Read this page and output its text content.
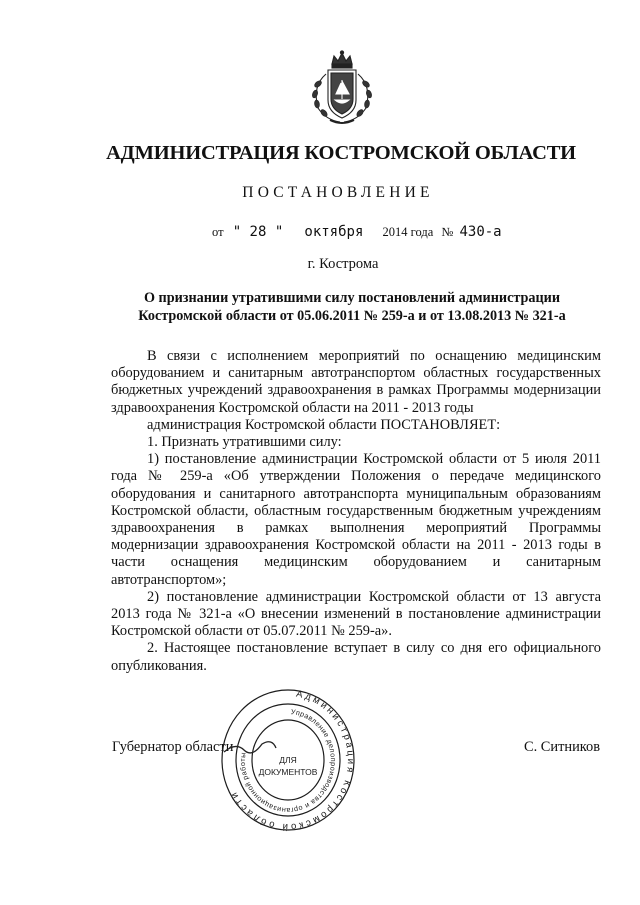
АДМИНИСТРАЦИЯ КОСТРОМСКОЙ ОБЛАСТИ
ПОСТАНОВЛЕНИЕ
от " 28 " октября 2014 года № 430-а
г. Кострома
О признании утратившими силу постановлений администрации
Костромской области от 05.06.2011 № 259-а и от 13.08.2013 № 321-а

В связи с исполнением мероприятий по оснащению медицинским оборудованием и санитарным автотранспортом областных государственных бюджетных учреждений здравоохранения в рамках Программы модернизации здравоохранения Костромской области на 2011 - 2013 годы

администрация Костромской области ПОСТАНОВЛЯЕТ:

1. Признать утратившими силу:

1) постановление администрации Костромской области от 5 июля 2011 года № 259-а «Об утверждении Положения о передаче медицинского оборудования и санитарного автотранспорта муниципальным образованиям Костромской области, областным государственным бюджетным учреждениям здравоохранения в рамках выполнения мероприятий Программы модернизации здравоохранения Костромской области на 2011 - 2013 годы в части оснащения медицинским оборудованием и санитарным автотранспортом»;

2) постановление администрации Костромской области от 13 августа 2013 года № 321-а «О внесении изменений в постановление администрации Костромской области от 05.07.2011 № 259-а».

2. Настоящее постановление вступает в силу со дня его официального опубликования.

Губернатор области	С. Ситников
Администрация Костромской области
Управление делопроизводства и организационной работы	ДЛЯ
ДОКУМЕНТОВ
